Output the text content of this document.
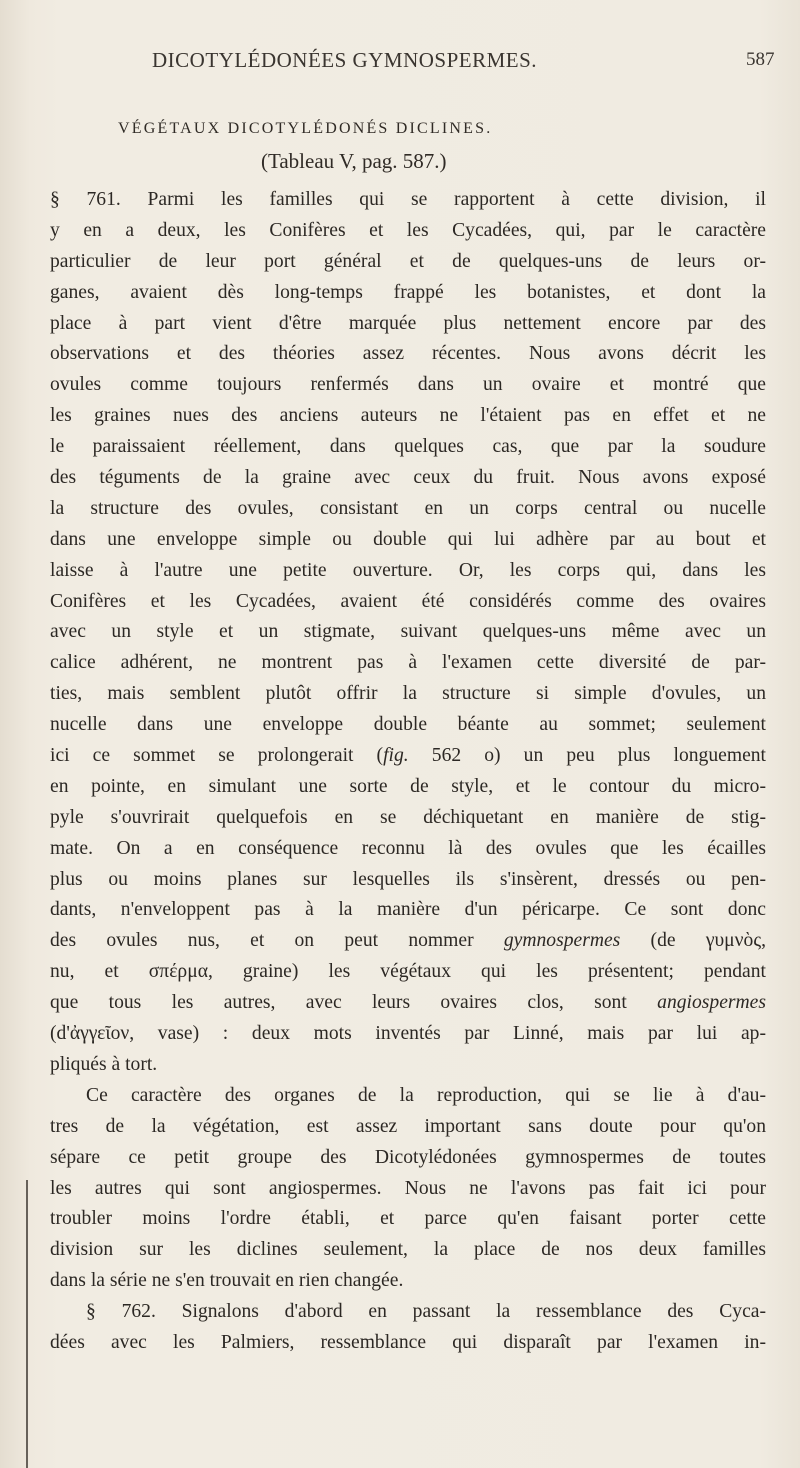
DICOTYLÉDONÉES GYMNOSPERMES.	587
VÉGÉTAUX DICOTYLÉDONÉS DICLINES.
(Tableau V, pag. 587.)
§ 761. Parmi les familles qui se rapportent à cette division, il
y en a deux, les Conifères et les Cycadées, qui, par le caractère
particulier de leur port général et de quelques-uns de leurs or-
ganes, avaient dès long-temps frappé les botanistes, et dont la
place à part vient d'être marquée plus nettement encore par des
observations et des théories assez récentes. Nous avons décrit les
ovules comme toujours renfermés dans un ovaire et montré que
les graines nues des anciens auteurs ne l'étaient pas en effet et ne
le paraissaient réellement, dans quelques cas, que par la soudure
des téguments de la graine avec ceux du fruit. Nous avons exposé
la structure des ovules, consistant en un corps central ou nucelle
dans une enveloppe simple ou double qui lui adhère par au bout et
laisse à l'autre une petite ouverture. Or, les corps qui, dans les
Conifères et les Cycadées, avaient été considérés comme des ovaires
avec un style et un stigmate, suivant quelques-uns même avec un
calice adhérent, ne montrent pas à l'examen cette diversité de par-
ties, mais semblent plutôt offrir la structure si simple d'ovules, un
nucelle dans une enveloppe double béante au sommet; seulement
ici ce sommet se prolongerait (fig. 562 o) un peu plus longuement
en pointe, en simulant une sorte de style, et le contour du micro-
pyle s'ouvrirait quelquefois en se déchiquetant en manière de stig-
mate. On a en conséquence reconnu là des ovules que les écailles
plus ou moins planes sur lesquelles ils s'insèrent, dressés ou pen-
dants, n'enveloppent pas à la manière d'un péricarpe. Ce sont donc
des ovules nus, et on peut nommer gymnospermes (de γυμνὸς,
nu, et σπέρμα, graine) les végétaux qui les présentent; pendant
que tous les autres, avec leurs ovaires clos, sont angiospermes
(d'ἀγγεῖον, vase) : deux mots inventés par Linné, mais par lui ap-
pliqués à tort.
Ce caractère des organes de la reproduction, qui se lie à d'au-
tres de la végétation, est assez important sans doute pour qu'on
sépare ce petit groupe des Dicotylédonées gymnospermes de toutes
les autres qui sont angiospermes. Nous ne l'avons pas fait ici pour
troubler moins l'ordre établi, et parce qu'en faisant porter cette
division sur les diclines seulement, la place de nos deux familles
dans la série ne s'en trouvait en rien changée.
§ 762. Signalons d'abord en passant la ressemblance des Cyca-
dées avec les Palmiers, ressemblance qui disparaît par l'examen in-
